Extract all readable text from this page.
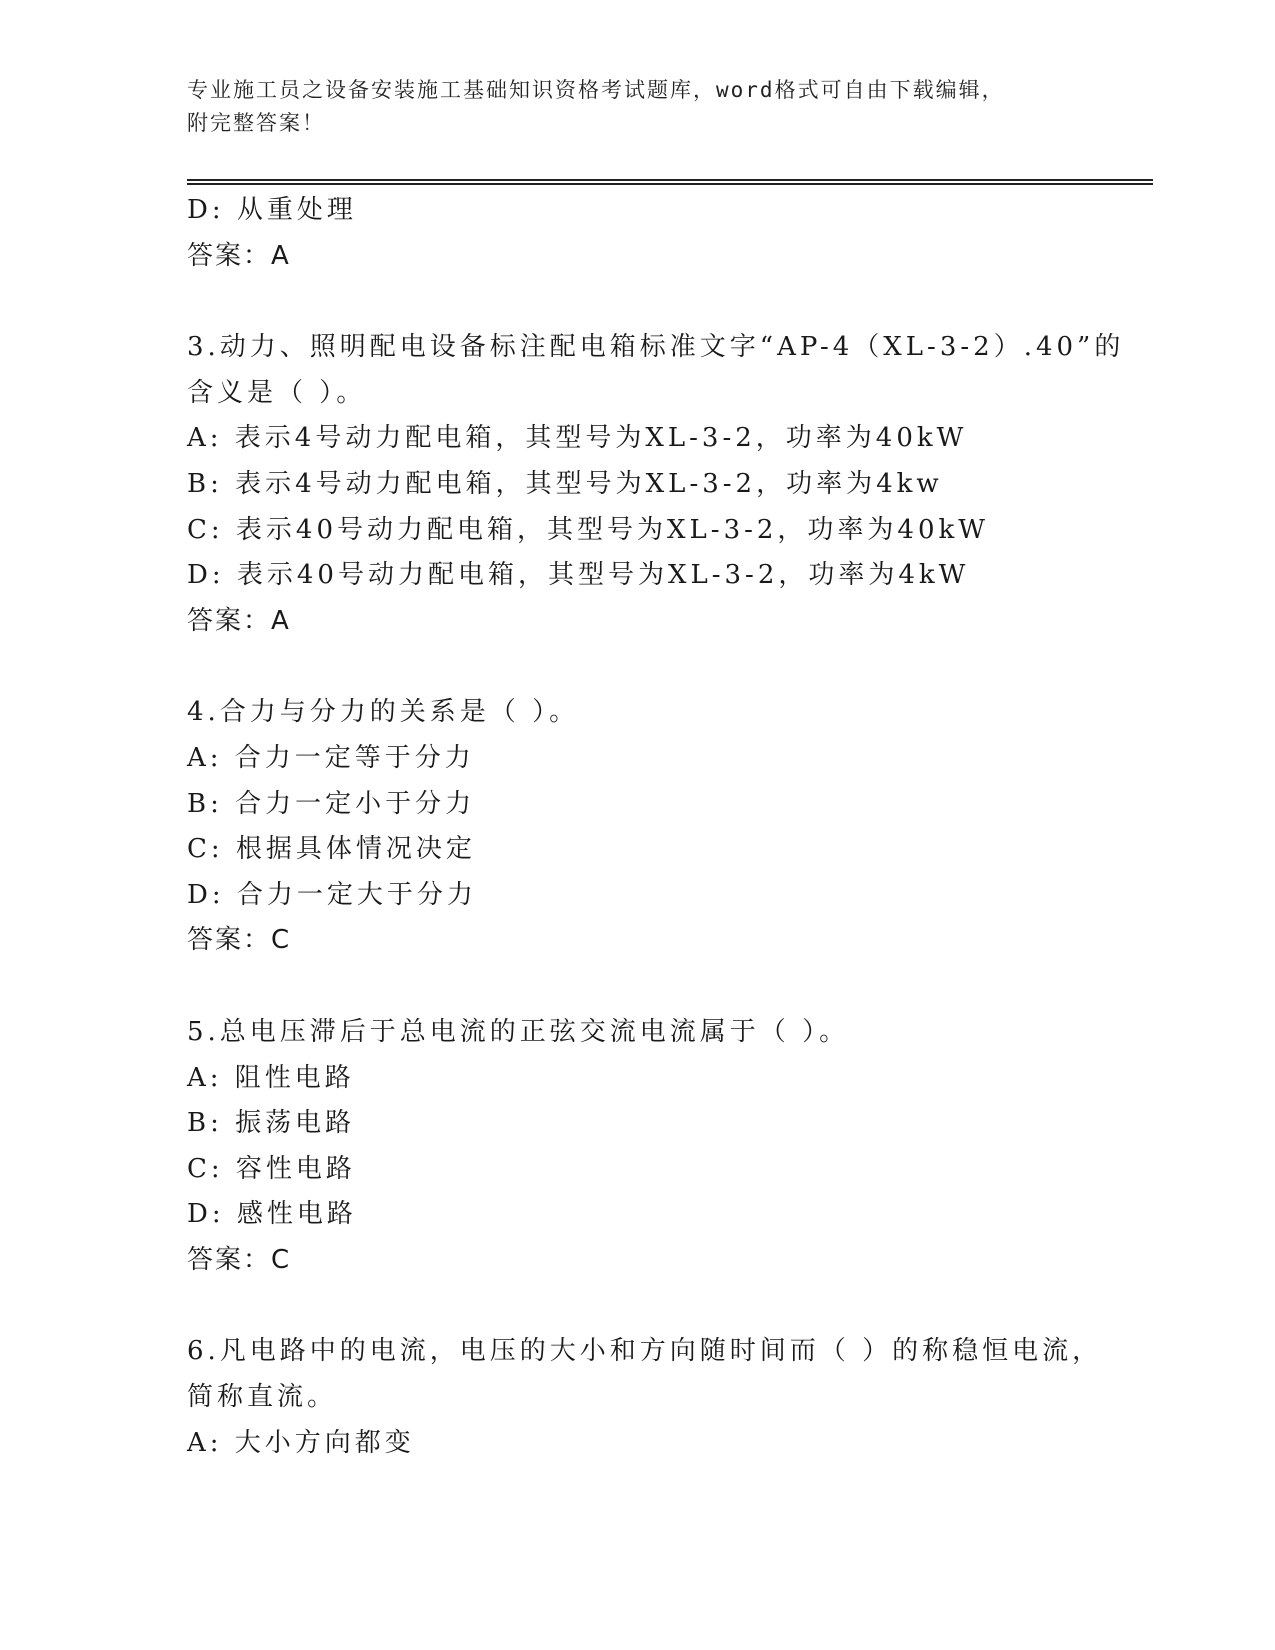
专业施工员之设备安装施工基础知识资格考试题库，word格式可自由下载编辑，
附完整答案！
D: 从重处理
答案：A
3.动力、照明配电设备标注配电箱标准文字“AP-4（XL-3-2）.40”的
含义是（ ）。
A: 表示4号动力配电箱，其型号为XL-3-2，功率为40kW
B: 表示4号动力配电箱，其型号为XL-3-2，功率为4kw
C: 表示40号动力配电箱，其型号为XL-3-2，功率为40kW
D: 表示40号动力配电箱，其型号为XL-3-2，功率为4kW
答案：A
4.合力与分力的关系是（ ）。
A: 合力一定等于分力
B: 合力一定小于分力
C: 根据具体情况决定
D: 合力一定大于分力
答案：C
5.总电压滞后于总电流的正弦交流电流属于（ ）。
A: 阻性电路
B: 振荡电路
C: 容性电路
D: 感性电路
答案：C
6.凡电路中的电流，电压的大小和方向随时间而（ ）的称稳恒电流，
简称直流。
A: 大小方向都变
